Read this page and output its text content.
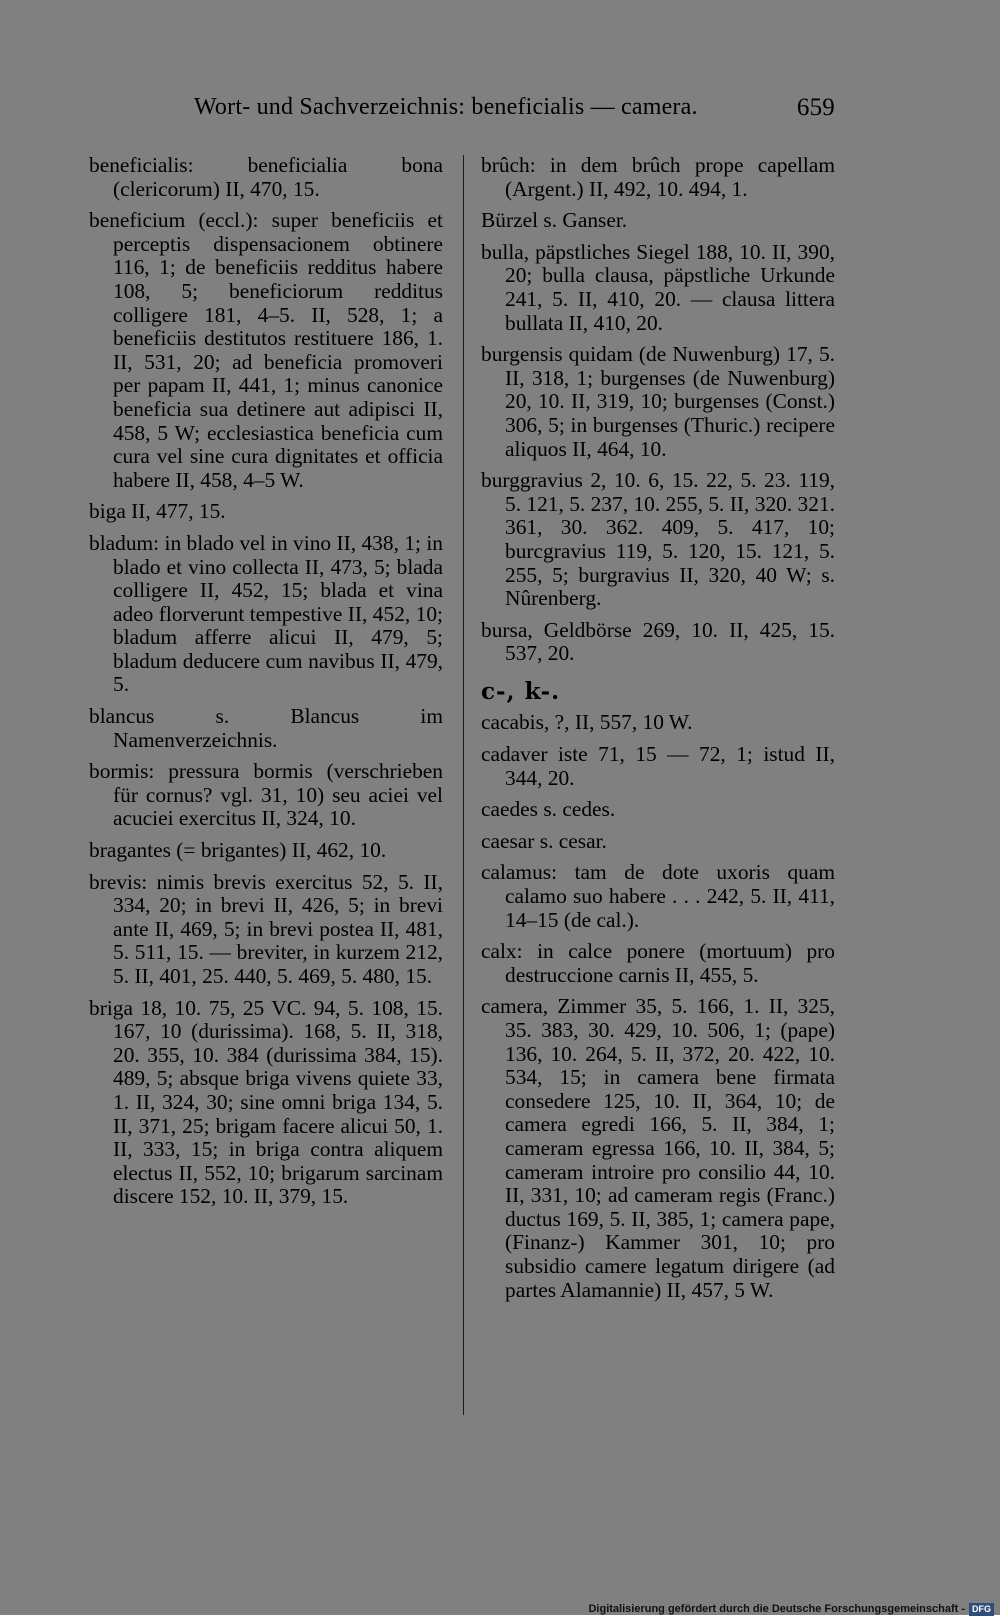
Wort- und Sachverzeichnis: beneficialis — camera.	659

beneficialis: beneficialia bona (clericorum) II, 470, 15.

beneficium (eccl.): super beneficiis et perceptis dispensacionem obtinere 116, 1; de beneficiis redditus habere 108, 5; beneficiorum redditus colligere 181, 4–5. II, 528, 1; a beneficiis destitutos restituere 186, 1. II, 531, 20; ad beneficia promoveri per papam II, 441, 1; minus canonice beneficia sua detinere aut adipisci II, 458, 5 W; ecclesiastica beneficia cum cura vel sine cura dignitates et officia habere II, 458, 4–5 W.

biga II, 477, 15.

bladum: in blado vel in vino II, 438, 1; in blado et vino collecta II, 473, 5; blada colligere II, 452, 15; blada et vina adeo florverunt tempestive II, 452, 10; bladum afferre alicui II, 479, 5; bladum deducere cum navibus II, 479, 5.

blancus s. Blancus im Namenverzeichnis.

bormis: pressura bormis (verschrieben für cornus? vgl. 31, 10) seu aciei vel acuciei exercitus II, 324, 10.

bragantes (= brigantes) II, 462, 10.

brevis: nimis brevis exercitus 52, 5. II, 334, 20; in brevi II, 426, 5; in brevi ante II, 469, 5; in brevi postea II, 481, 5. 511, 15. — breviter, in kurzem 212, 5. II, 401, 25. 440, 5. 469, 5. 480, 15.

briga 18, 10. 75, 25 VC. 94, 5. 108, 15. 167, 10 (durissima). 168, 5. II, 318, 20. 355, 10. 384 (durissima 384, 15). 489, 5; absque briga vivens quiete 33, 1. II, 324, 30; sine omni briga 134, 5. II, 371, 25; brigam facere alicui 50, 1. II, 333, 15; in briga contra aliquem electus II, 552, 10; brigarum sarcinam discere 152, 10. II, 379, 15.

brûch: in dem brûch prope capellam (Argent.) II, 492, 10. 494, 1.

Bürzel s. Ganser.

bulla, päpstliches Siegel 188, 10. II, 390, 20; bulla clausa, päpstliche Urkunde 241, 5. II, 410, 20. — clausa littera bullata II, 410, 20.

burgensis quidam (de Nuwenburg) 17, 5. II, 318, 1; burgenses (de Nuwenburg) 20, 10. II, 319, 10; burgenses (Const.) 306, 5; in burgenses (Thuric.) recipere aliquos II, 464, 10.

burggravius 2, 10. 6, 15. 22, 5. 23. 119, 5. 121, 5. 237, 10. 255, 5. II, 320. 321. 361, 30. 362. 409, 5. 417, 10; burcgravius 119, 5. 120, 15. 121, 5. 255, 5; burgravius II, 320, 40 W; s. Nûrenberg.

bursa, Geldbörse 269, 10. II, 425, 15. 537, 20.

c-, k-.

cacabis, ?, II, 557, 10 W.

cadaver iste 71, 15 — 72, 1; istud II, 344, 20.

caedes s. cedes.

caesar s. cesar.

calamus: tam de dote uxoris quam calamo suo habere . . . 242, 5. II, 411, 14–15 (de cal.).

calx: in calce ponere (mortuum) pro destruccione carnis II, 455, 5.

camera, Zimmer 35, 5. 166, 1. II, 325, 35. 383, 30. 429, 10. 506, 1; (pape) 136, 10. 264, 5. II, 372, 20. 422, 10. 534, 15; in camera bene firmata consedere 125, 10. II, 364, 10; de camera egredi 166, 5. II, 384, 1; cameram egressa 166, 10. II, 384, 5; cameram introire pro consilio 44, 10. II, 331, 10; ad cameram regis (Franc.) ductus 169, 5. II, 385, 1; camera pape, (Finanz-) Kammer 301, 10; pro subsidio camere legatum dirigere (ad partes Alamannie) II, 457, 5 W.

Digitalisierung gefördert durch die Deutsche Forschungsgemeinschaft - DFG
